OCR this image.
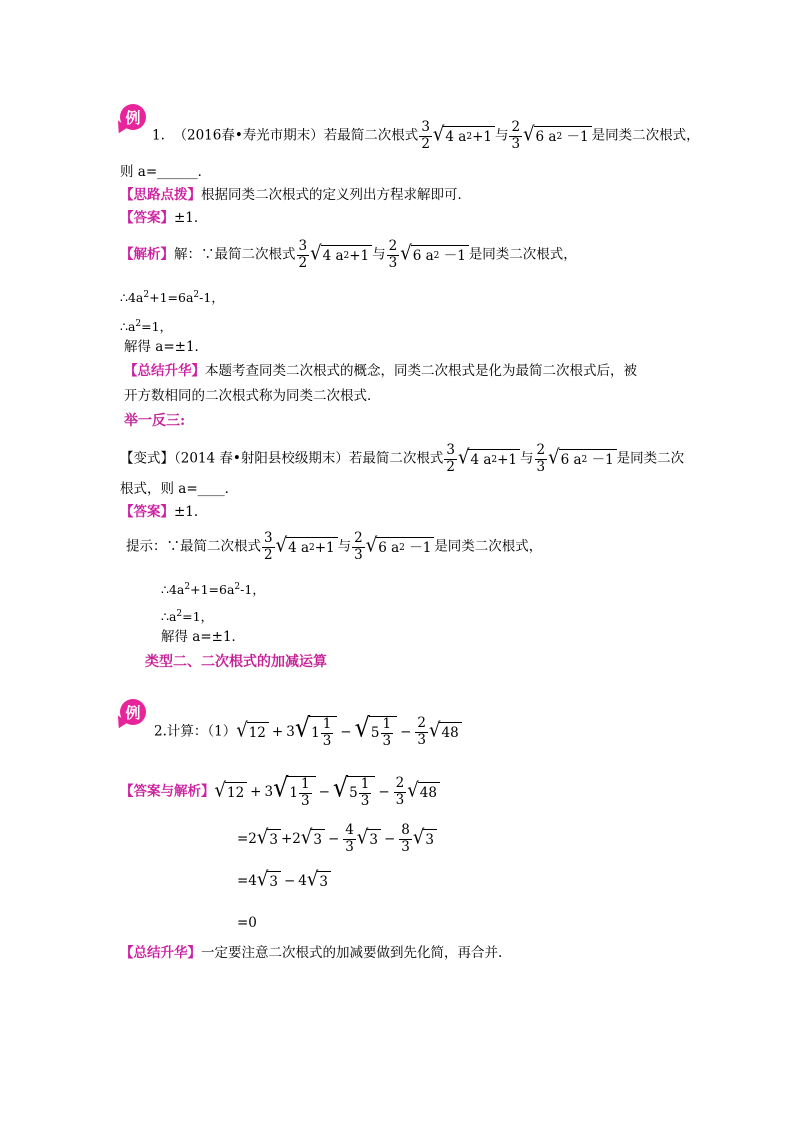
例
1. （2016春•寿光市期末）若最简二次根式 $\frac{3}{2}$ √ 4 a 2 +1 与 $\frac{2}{3}$ √ 6 a 2
－1 是同类二次根式，
则 a=______．
【思路点拨】根据同类二次根式的定义列出方程求解即可．
【答案】±1．
【解析】解：∵最简二次根式 $\frac{3}{2}$ √ 4 a 2 +1 与 $\frac{2}{3}$ √ 6 a 2
－1 是同类二次根式，
$\therefore 4a^2+1=6a^2-1$，
$\therefore a^2=1$，
解得 a=±1．
【总结升华】本题考查同类二次根式的概念，同类二次根式是化为最简二次根式后，被
开方数相同的二次根式称为同类二次根式．
举一反三:
【变式】（2014 春•射阳县校级期末）若最简二次根式 $\frac{3}{2}$ √ 4 a 2 +1 与 $\frac{2}{3}$ √ 6 a 2
－1 是同类二次
根式，则 a=____．
【答案】±1.
提示：∵最简二次根式 $\frac{3}{2}$ √ 4 a 2 +1 与 $\frac{2}{3}$ √ 6 a 2
－1 是同类二次根式，
$\therefore 4a^2+1=6a^2-1$，
$\therefore a^2=1$，
解得 a=±1．
类型二、二次根式的加减运算
例
2.计算：（1） √ 12 + 3 √ $1 \frac{1}{3}$ − √ $5 \frac{1}{3} - \frac{2}{3}$ √ 48
【答案与解析】 √ 12 + 3 √ $1 \frac{1}{3}$ − √ $5 \frac{1}{3} - \frac{2}{3}$ √ 48
=2 √ 3 +2 √ $3 - \frac{4}{3}$ √ $3 - \frac{8}{3}$ √ 3
=4 √ 3 − 4 √ 3
=0
【总结升华】一定要注意二次根式的加减要做到先化简，再合并.
